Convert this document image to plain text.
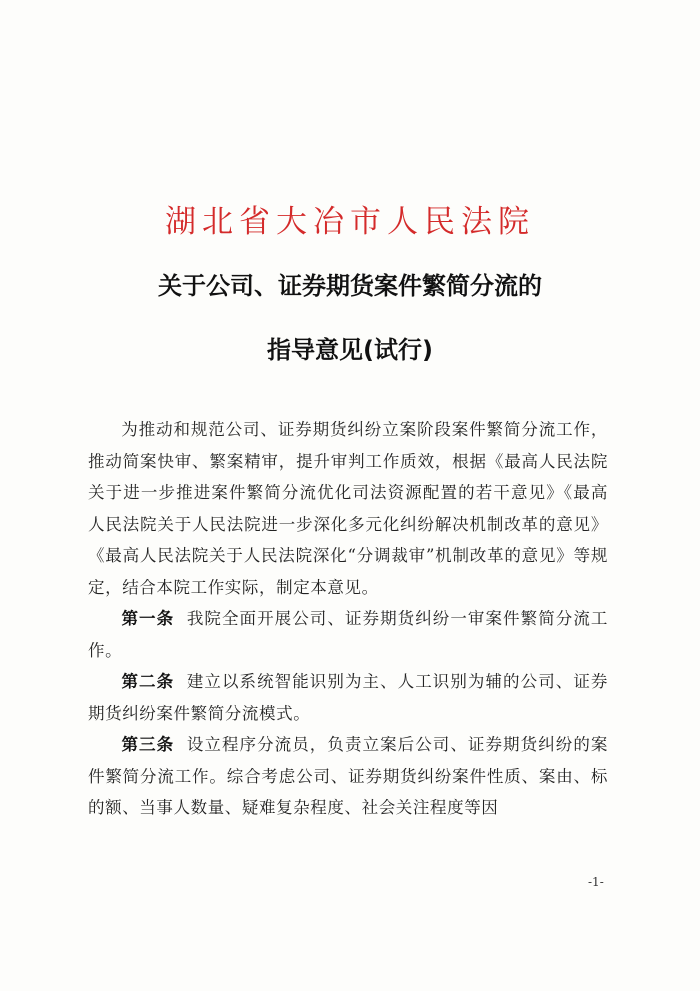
湖北省大冶市人民法院
关于公司、证券期货案件繁简分流的
指导意见(试行)
为推动和规范公司、证券期货纠纷立案阶段案件繁简分流工作，推动简案快审、繁案精审，提升审判工作质效，根据《最高人民法院关于进一步推进案件繁简分流优化司法资源配置的若干意见》《最高人民法院关于人民法院进一步深化多元化纠纷解决机制改革的意见》《最高人民法院关于人民法院深化“分调裁审”机制改革的意见》等规定，结合本院工作实际，制定本意见。
第一条 我院全面开展公司、证券期货纠纷一审案件繁简分流工作。
第二条 建立以系统智能识别为主、人工识别为辅的公司、证券期货纠纷案件繁简分流模式。
第三条 设立程序分流员，负责立案后公司、证券期货纠纷的案件繁简分流工作。综合考虑公司、证券期货纠纷案件性质、案由、标的额、当事人数量、疑难复杂程度、社会关注程度等因
-1-
